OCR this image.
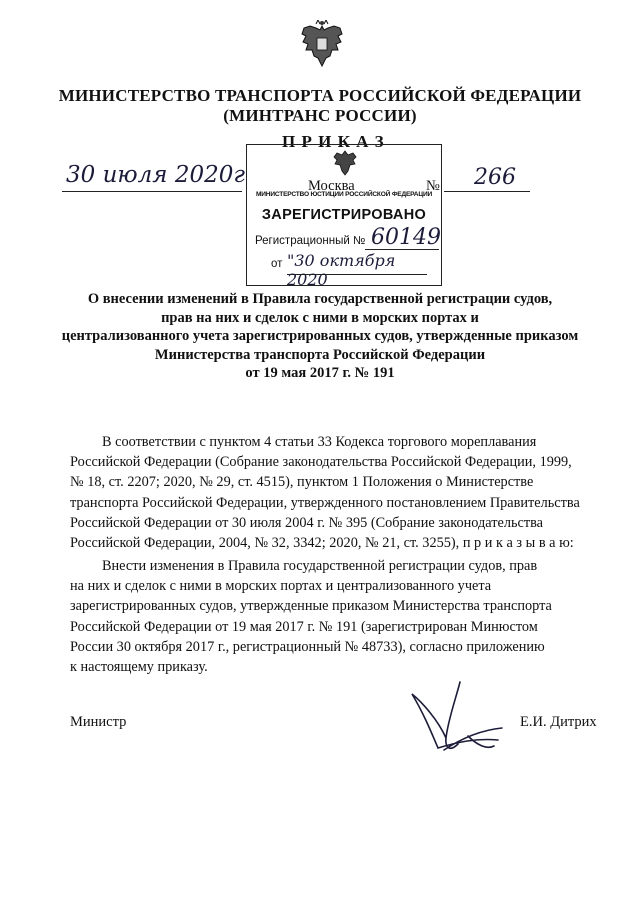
МИНИСТЕРСТВО ТРАНСПОРТА РОССИЙСКОЙ ФЕДЕРАЦИИ
(МИНТРАНС РОССИИ)
П Р И К А З
МИНИСТЕРСТВО ЮСТИЦИИ РОССИЙСКОЙ ФЕДЕРАЦИИ
ЗАРЕГИСТРИРОВАНО
Регистрационный № 60149
от "30 октября 2020
30 июля 2020г	Москва	№ 266
О внесении изменений в Правила государственной регистрации судов,
прав на них и сделок с ними в морских портах и
централизованного учета зарегистрированных судов, утвержденные приказом
Министерства транспорта Российской Федерации
от 19 мая 2017 г. № 191
В соответствии с пунктом 4 статьи 33 Кодекса торгового мореплавания
Российской Федерации (Собрание законодательства Российской Федерации, 1999,
№ 18, ст. 2207; 2020, № 29, ст. 4515), пунктом 1 Положения о Министерстве
транспорта Российской Федерации, утвержденного постановлением Правительства
Российской Федерации от 30 июля 2004 г. № 395 (Собрание законодательства
Российской Федерации, 2004, № 32, 3342; 2020, № 21, ст. 3255), п р и к а з ы в а ю:
Внести изменения в Правила государственной регистрации судов, прав
на них и сделок с ними в морских портах и централизованного учета
зарегистрированных судов, утвержденные приказом Министерства транспорта
Российской Федерации от 19 мая 2017 г. № 191 (зарегистрирован Минюстом
России 30 октября 2017 г., регистрационный № 48733), согласно приложению
к настоящему приказу.
Министр	Е.И. Дитрих
